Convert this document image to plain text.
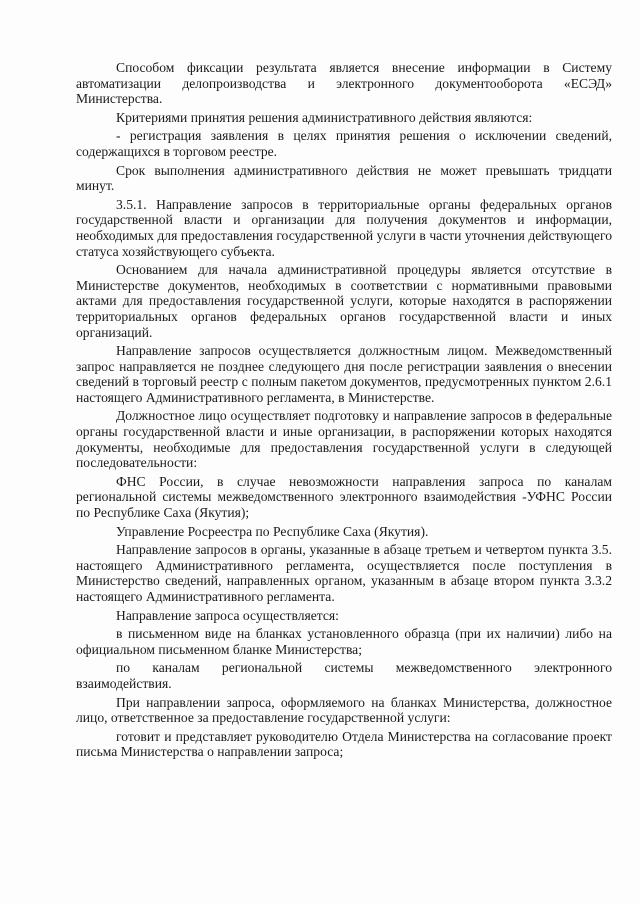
Способом фиксации результата является внесение информации в Систему автоматизации делопроизводства и электронного документооборота «ЕСЭД» Министерства.

Критериями принятия решения административного действия являются:

- регистрация заявления в целях принятия решения о исключении сведений, содержащихся в торговом реестре.

Срок выполнения административного действия не может превышать тридцати минут.

3.5.1. Направление запросов в территориальные органы федеральных органов государственной власти и организации для получения документов и информации, необходимых для предоставления государственной услуги в части уточнения действующего статуса хозяйствующего субъекта.

Основанием для начала административной процедуры является отсутствие в Министерстве документов, необходимых в соответствии с нормативными правовыми актами для предоставления государственной услуги, которые находятся в распоряжении территориальных органов федеральных органов государственной власти и иных организаций.

Направление запросов осуществляется должностным лицом. Межведомственный запрос направляется не позднее следующего дня после регистрации заявления о внесении сведений в торговый реестр с полным пакетом документов, предусмотренных пунктом 2.6.1 настоящего Административного регламента, в Министерстве.

Должностное лицо осуществляет подготовку и направление запросов в федеральные органы государственной власти и иные организации, в распоряжении которых находятся документы, необходимые для предоставления государственной услуги в следующей последовательности:

ФНС России, в случае невозможности направления запроса по каналам региональной системы межведомственного электронного взаимодействия -УФНС России по Республике Саха (Якутия);

Управление Росреестра по Республике Саха (Якутия).

Направление запросов в органы, указанные в абзаце третьем и четвертом пункта 3.5. настоящего Административного регламента, осуществляется после поступления в Министерство сведений, направленных органом, указанным в абзаце втором пункта 3.3.2 настоящего Административного регламента.

Направление запроса осуществляется:

в письменном виде на бланках установленного образца (при их наличии) либо на официальном письменном бланке Министерства;

по каналам региональной системы межведомственного электронного взаимодействия.

При направлении запроса, оформляемого на бланках Министерства, должностное лицо, ответственное за предоставление государственной услуги:

готовит и представляет руководителю Отдела Министерства на согласование проект письма Министерства о направлении запроса;
